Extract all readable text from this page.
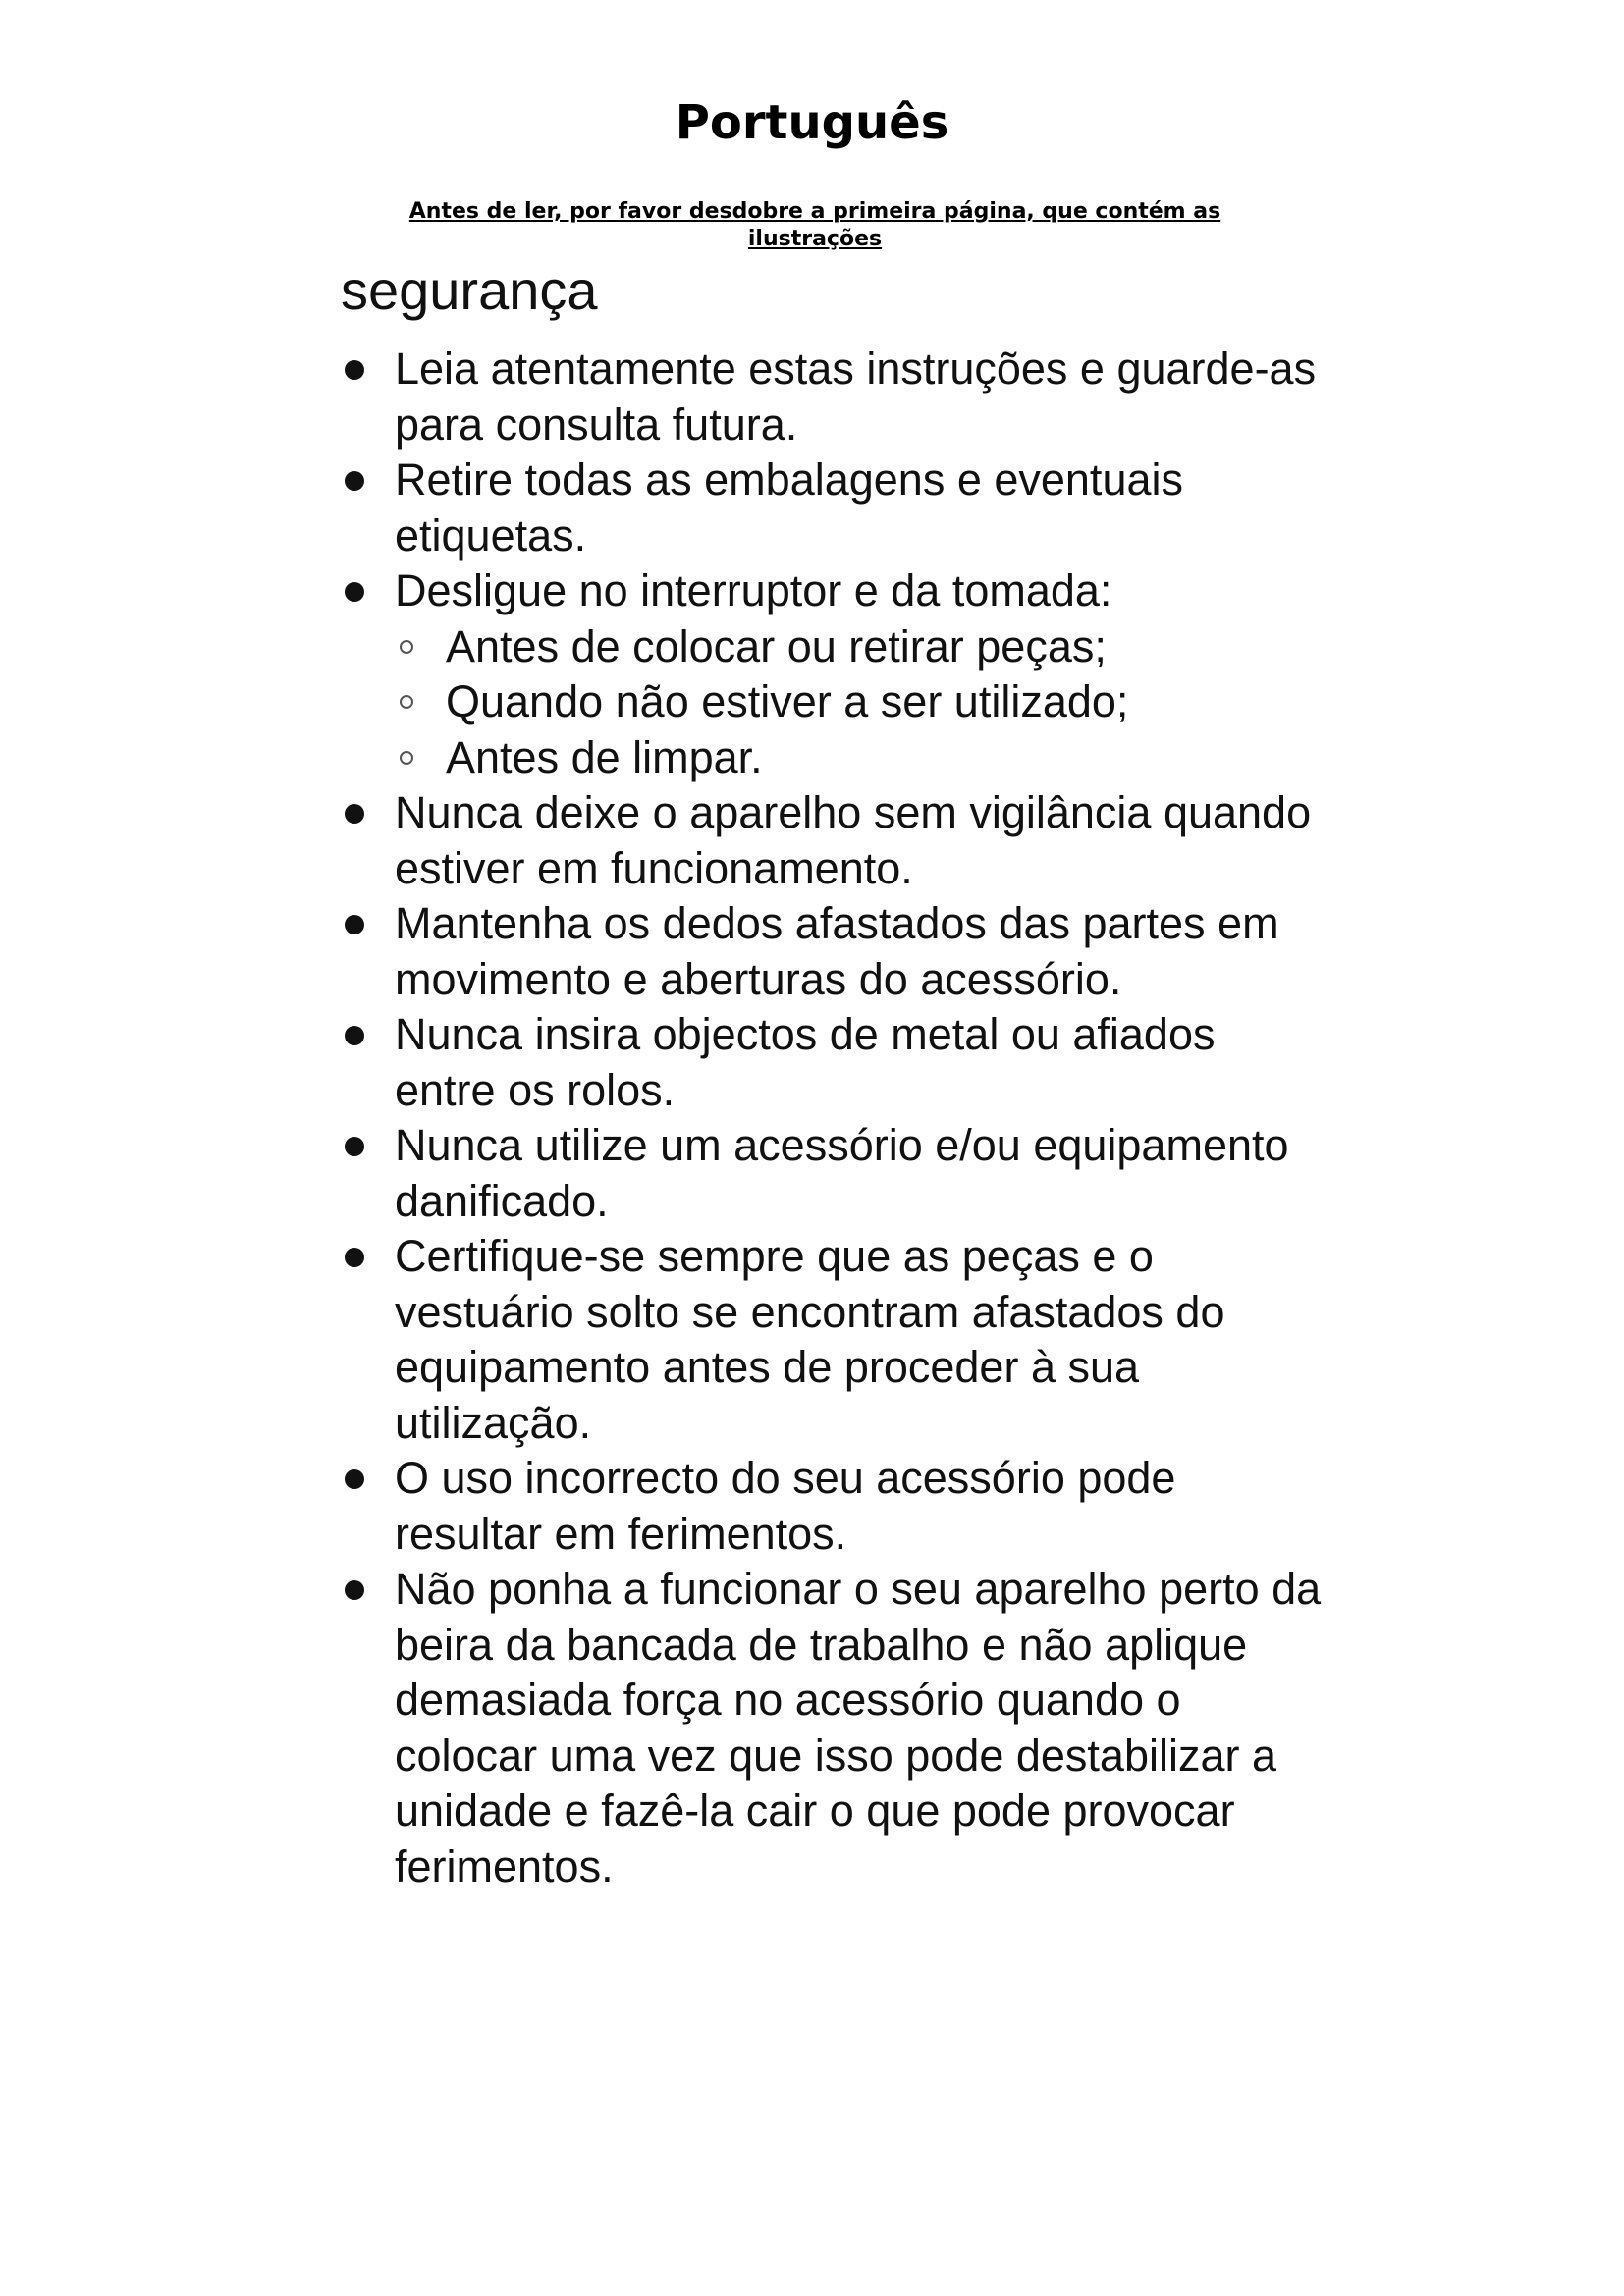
Português
Antes de ler, por favor desdobre a primeira página, que contém as ilustrações
segurança
Leia atentamente estas instruções e guarde-as para consulta futura.
Retire todas as embalagens e eventuais etiquetas.
Desligue no interruptor e da tomada:
Antes de colocar ou retirar peças;
Quando não estiver a ser utilizado;
Antes de limpar.
Nunca deixe o aparelho sem vigilância quando estiver em funcionamento.
Mantenha os dedos afastados das partes em movimento e aberturas do acessório.
Nunca insira objectos de metal ou afiados entre os rolos.
Nunca utilize um acessório e/ou equipamento danificado.
Certifique-se sempre que as peças e o vestuário solto se encontram afastados do equipamento antes de proceder à sua utilização.
O uso incorrecto do seu acessório pode resultar em ferimentos.
Não ponha a funcionar o seu aparelho perto da beira da bancada de trabalho e não aplique demasiada força no acessório quando o colocar uma vez que isso pode destabilizar a unidade e fazê-la cair o que pode provocar ferimentos.
